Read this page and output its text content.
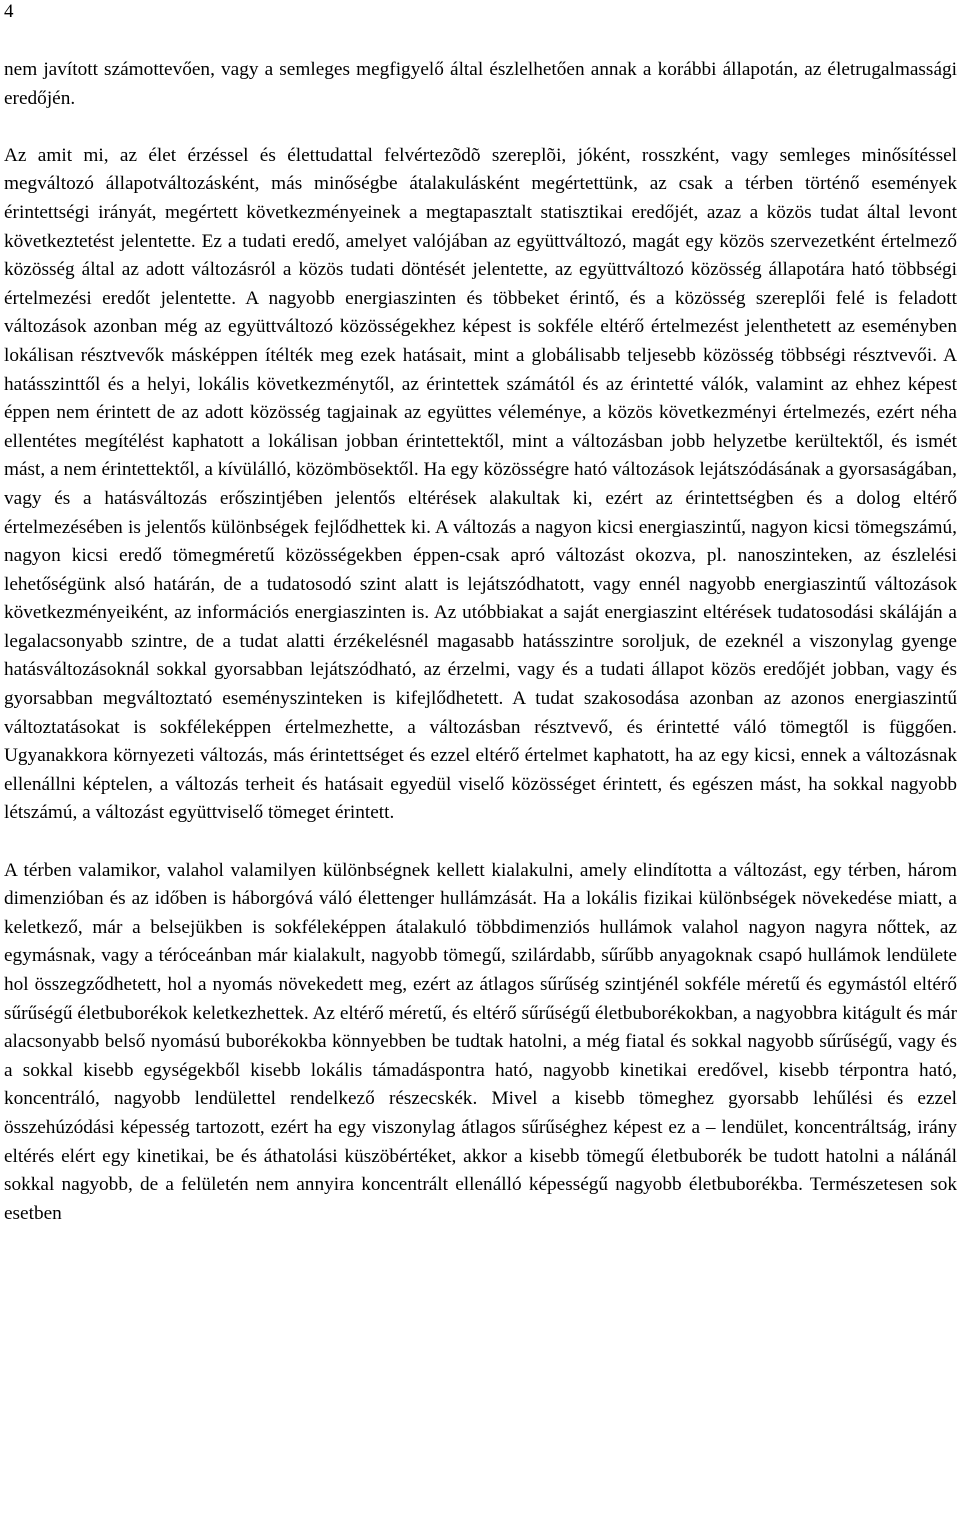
4

nem javított számottevően, vagy a semleges megfigyelő által észlelhetően annak a korábbi állapotán, az életrugalmassági eredőjén.

Az amit mi, az élet érzéssel és élettudattal felvértezõdõ szereplõi, jóként, rosszként, vagy semleges minősítéssel megváltozó állapotváltozásként, más minőségbe átalakulásként megértettünk, az csak a térben történő események érintettségi irányát, megértett következményeinek a megtapasztalt statisztikai eredőjét, azaz a közös tudat által levont következtetést jelentette. Ez a tudati eredő, amelyet valójában az együttváltozó, magát egy közös szervezetként értelmező közösség által az adott változásról a közös tudati döntését jelentette, az együttváltozó közösség állapotára ható többségi értelmezési eredőt jelentette. A nagyobb energiaszinten és többeket érintő, és a közösség szereplői felé is feladott változások azonban még az együttváltozó közösségekhez képest is sokféle eltérő értelmezést jelenthetett az eseményben lokálisan résztvevők másképpen ítélték meg ezek hatásait, mint a globálisabb teljesebb közösség többségi résztvevői. A hatásszinttől és a helyi, lokális következménytől, az érintettek számától és az érintetté válók, valamint az ehhez képest éppen nem érintett de az adott közösség tagjainak az együttes véleménye, a közös következményi értelmezés, ezért néha ellentétes megítélést kaphatott a lokálisan jobban érintettektől, mint a változásban jobb helyzetbe kerültektől, és ismét mást, a nem érintettektől, a kívülálló, közömbösektől. Ha egy közösségre ható változások lejátszódásának a gyorsaságában, vagy és a hatásváltozás erőszintjében jelentős eltérések alakultak ki, ezért az érintettségben és a dolog eltérő értelmezésében is jelentős különbségek fejlődhettek ki. A változás a nagyon kicsi energiaszintű, nagyon kicsi tömegszámú, nagyon kicsi eredő tömegméretű közösségekben éppen-csak apró változást okozva, pl. nanoszinteken, az észlelési lehetőségünk alsó határán, de a tudatosodó szint alatt is lejátszódhatott, vagy ennél nagyobb energiaszintű változások következményeiként, az információs energiaszinten is. Az utóbbiakat a saját energiaszint eltérések tudatosodási skáláján a legalacsonyabb szintre, de a tudat alatti érzékelésnél magasabb hatásszintre soroljuk, de ezeknél a viszonylag gyenge hatásváltozásoknál sokkal gyorsabban lejátszódható, az érzelmi, vagy és a tudati állapot közös eredőjét jobban, vagy és gyorsabban megváltoztató eseményszinteken is kifejlődhetett. A tudat szakosodása azonban az azonos energiaszintű változtatásokat is sokféleképpen értelmezhette, a változásban résztvevő, és érintetté váló tömegtől is függően. Ugyanakkora környezeti változás, más érintettséget és ezzel eltérő értelmet kaphatott, ha az egy kicsi, ennek a változásnak ellenállni képtelen, a változás terheit és hatásait egyedül viselő közösséget érintett, és egészen mást, ha sokkal nagyobb létszámú, a változást együttviselő tömeget érintett.

A térben valamikor, valahol valamilyen különbségnek kellett kialakulni, amely elindította a változást, egy térben, három dimenzióban és az időben is háborgóvá váló élettenger hullámzását. Ha a lokális fizikai különbségek növekedése miatt, a keletkező, már a belsejükben is sokféleképpen átalakuló többdimenziós hullámok valahol nagyon nagyra nőttek, az egymásnak, vagy a téróceánban már kialakult, nagyobb tömegű, szilárdabb, sűrűbb anyagoknak csapó hullámok lendülete hol összegződhetett, hol a nyomás növekedett meg, ezért az átlagos sűrűség szintjénél sokféle méretű és egymástól eltérő sűrűségű életbuborékok keletkezhettek. Az eltérő méretű, és eltérő sűrűségű életbuborékokban, a nagyobbra kitágult és már alacsonyabb belső nyomású buborékokba könnyebben be tudtak hatolni, a még fiatal és sokkal nagyobb sűrűségű, vagy és a sokkal kisebb egységekből kisebb lokális támadáspontra ható, nagyobb kinetikai eredővel, kisebb térpontra ható, koncentráló, nagyobb lendülettel rendelkező részecskék. Mivel a kisebb tömeghez gyorsabb lehűlési és ezzel összehúzódási képesség tartozott, ezért ha egy viszonylag átlagos sűrűséghez képest ez a – lendület, koncentráltság, irány eltérés elért egy kinetikai, be és áthatolási küszöbértéket, akkor a kisebb tömegű életbuborék be tudott hatolni a nálánál sokkal nagyobb, de a felületén nem annyira koncentrált ellenálló képességű nagyobb életbuborékba. Természetesen sok esetben
